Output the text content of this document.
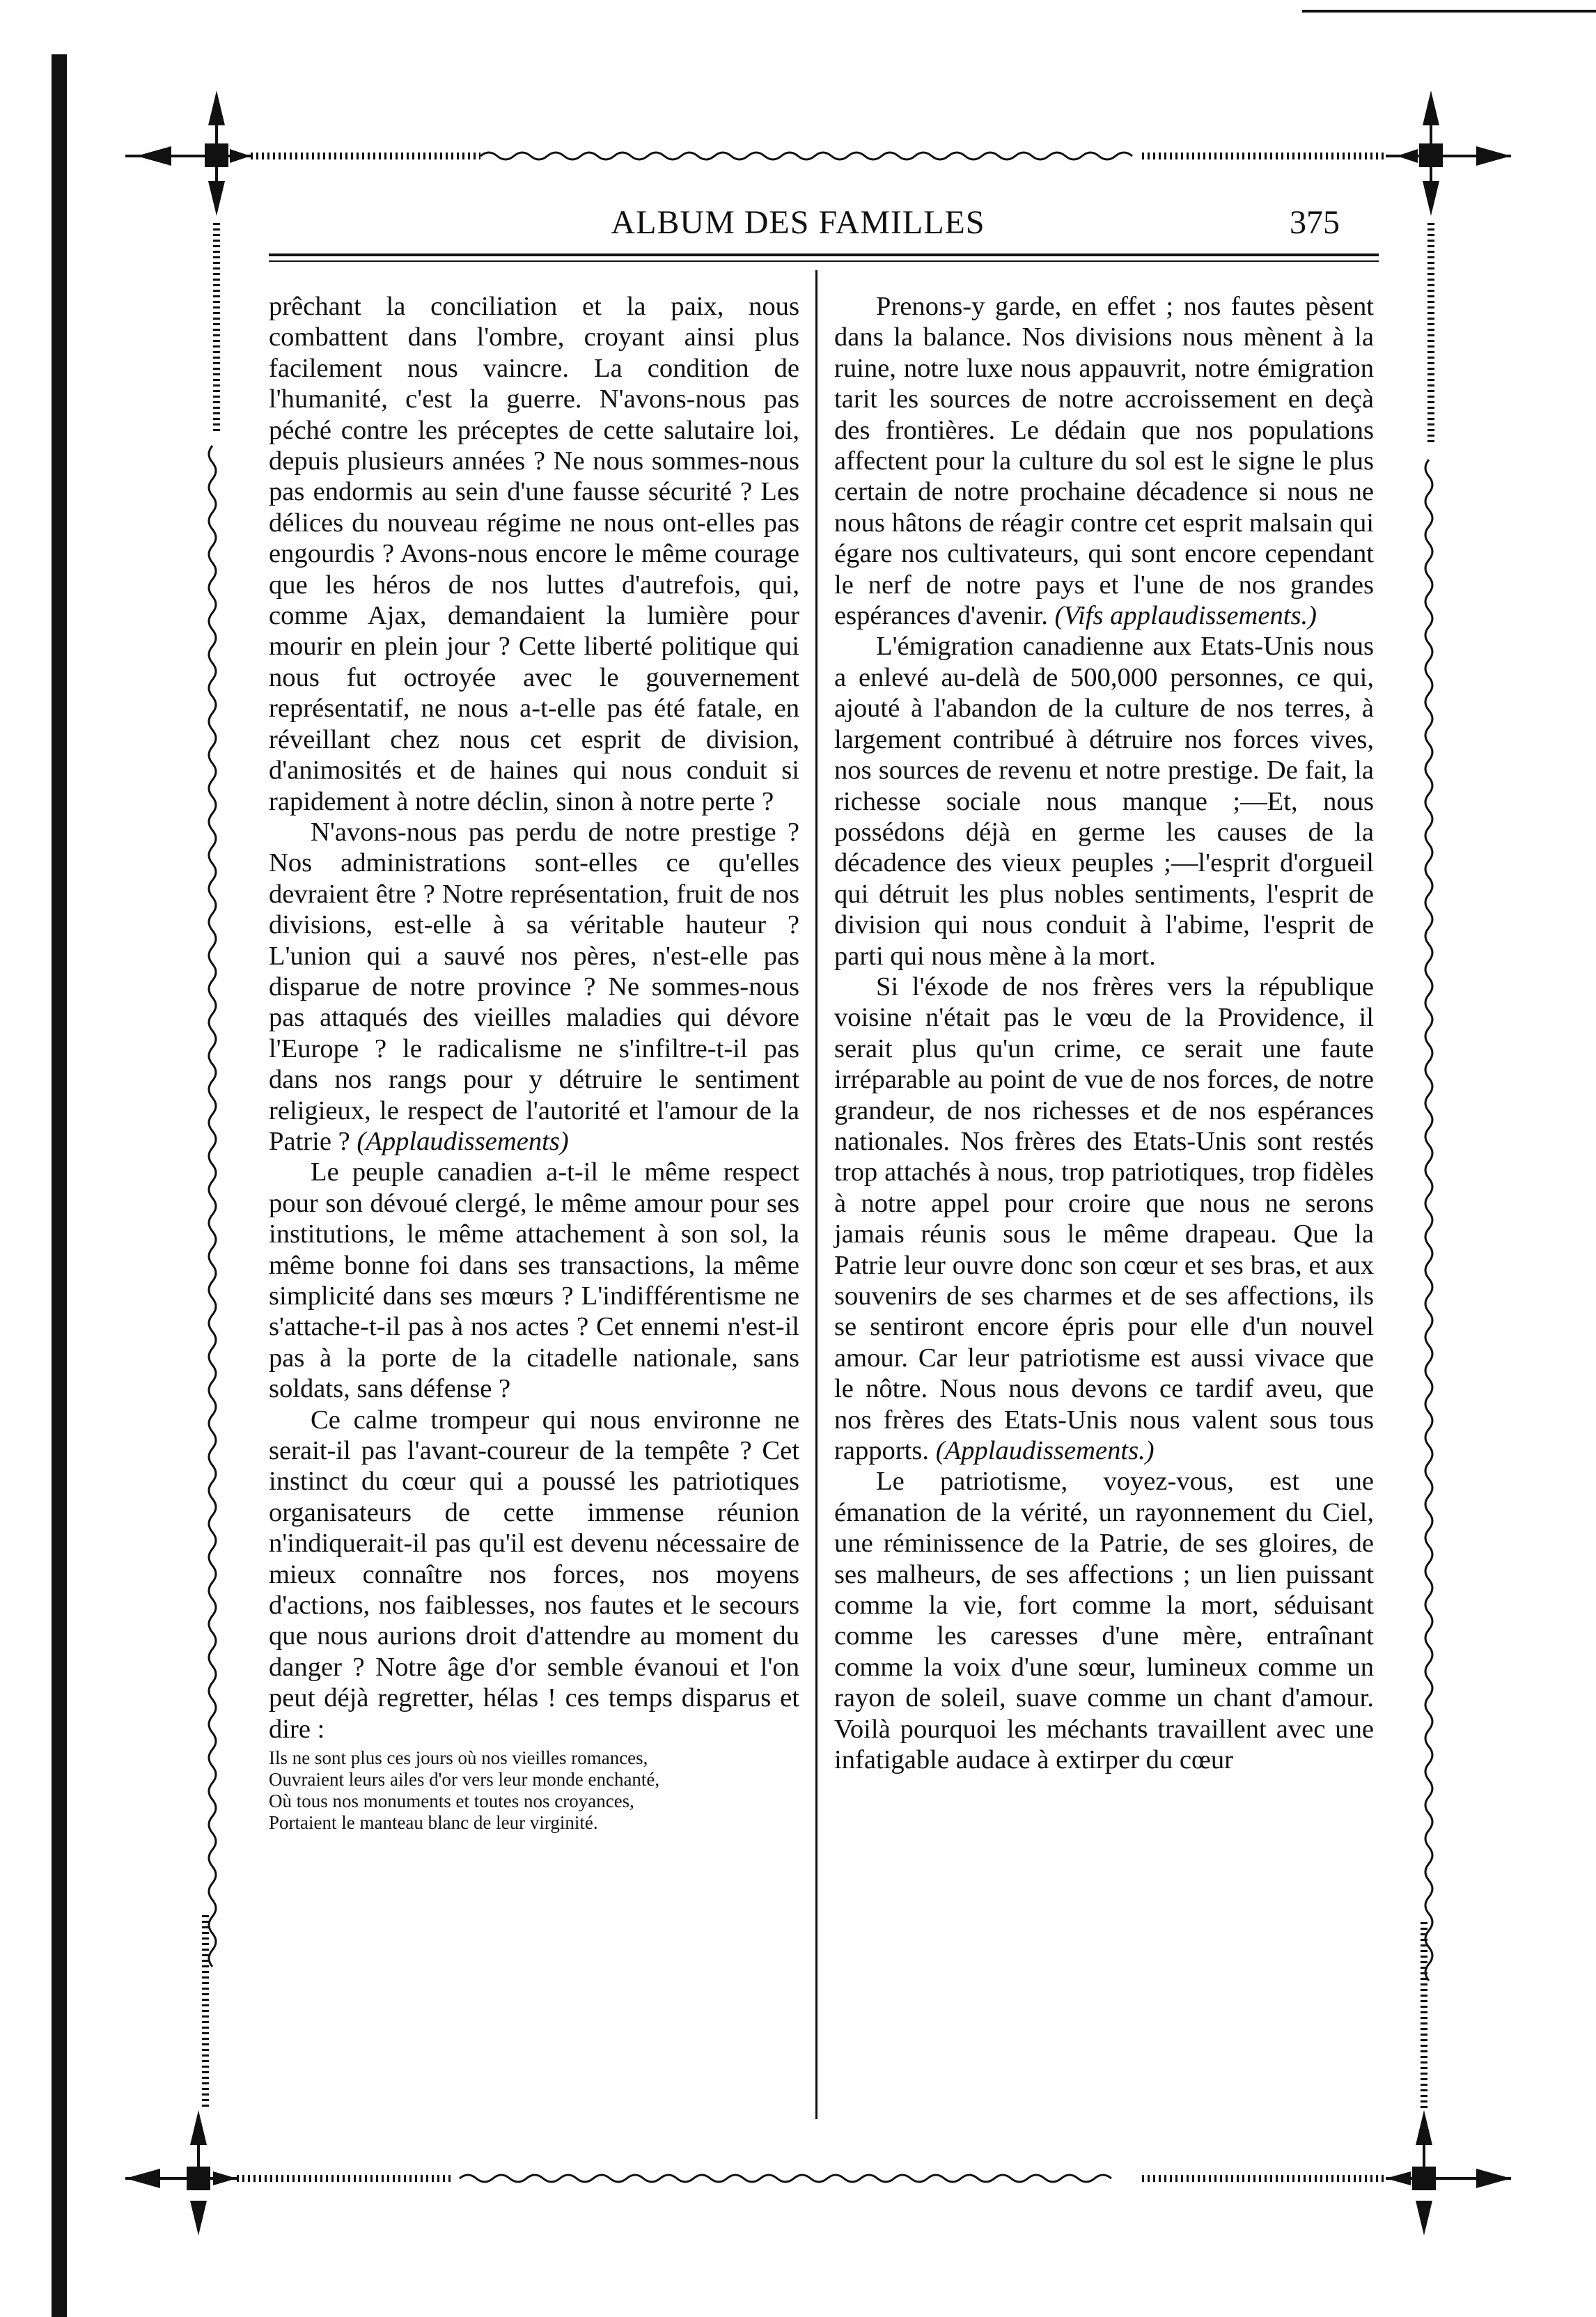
ALBUM DES FAMILLES	375

prêchant la conciliation et la paix, nous combattent dans l'ombre, croyant ainsi plus facilement nous vaincre. La condition de l'humanité, c'est la guerre. N'avons-nous pas péché contre les préceptes de cette salutaire loi, depuis plusieurs années ? Ne nous sommes-nous pas endormis au sein d'une fausse sécurité ? Les délices du nouveau régime ne nous ont-elles pas engourdis ? Avons-nous encore le même courage que les héros de nos luttes d'autrefois, qui, comme Ajax, demandaient la lumière pour mourir en plein jour ? Cette liberté politique qui nous fut octroyée avec le gouvernement représentatif, ne nous a-t-elle pas été fatale, en réveillant chez nous cet esprit de division, d'animosités et de haines qui nous conduit si rapidement à notre déclin, sinon à notre perte ?

N'avons-nous pas perdu de notre prestige ? Nos administrations sont-elles ce qu'elles devraient être ? Notre représentation, fruit de nos divisions, est-elle à sa véritable hauteur ? L'union qui a sauvé nos pères, n'est-elle pas disparue de notre province ? Ne sommes-nous pas attaqués des vieilles maladies qui dévore l'Europe ? le radicalisme ne s'infiltre-t-il pas dans nos rangs pour y détruire le sentiment religieux, le respect de l'autorité et l'amour de la Patrie ? (Applaudissements)

Le peuple canadien a-t-il le même respect pour son dévoué clergé, le même amour pour ses institutions, le même attachement à son sol, la même bonne foi dans ses transactions, la même simplicité dans ses mœurs ? L'indifférentisme ne s'attache-t-il pas à nos actes ? Cet ennemi n'est-il pas à la porte de la citadelle nationale, sans soldats, sans défense ?

Ce calme trompeur qui nous environne ne serait-il pas l'avant-coureur de la tempête ? Cet instinct du cœur qui a poussé les patriotiques organisateurs de cette immense réunion n'indiquerait-il pas qu'il est devenu nécessaire de mieux connaître nos forces, nos moyens d'actions, nos faiblesses, nos fautes et le secours que nous aurions droit d'attendre au moment du danger ? Notre âge d'or semble évanoui et l'on peut déjà regretter, hélas ! ces temps disparus et dire :

Ils ne sont plus ces jours où nos vieilles romances,
Ouvraient leurs ailes d'or vers leur monde enchanté,
Où tous nos monuments et toutes nos croyances,
Portaient le manteau blanc de leur virginité.

Prenons-y garde, en effet ; nos fautes pèsent dans la balance. Nos divisions nous mènent à la ruine, notre luxe nous appauvrit, notre émigration tarit les sources de notre accroissement en deçà des frontières. Le dédain que nos populations affectent pour la culture du sol est le signe le plus certain de notre prochaine décadence si nous ne nous hâtons de réagir contre cet esprit malsain qui égare nos cultivateurs, qui sont encore cependant le nerf de notre pays et l'une de nos grandes espérances d'avenir. (Vifs applaudissements.)

L'émigration canadienne aux Etats-Unis nous a enlevé au-delà de 500,000 personnes, ce qui, ajouté à l'abandon de la culture de nos terres, à largement contribué à détruire nos forces vives, nos sources de revenu et notre prestige. De fait, la richesse sociale nous manque ;—Et, nous possédons déjà en germe les causes de la décadence des vieux peuples ;—l'esprit d'orgueil qui détruit les plus nobles sentiments, l'esprit de division qui nous conduit à l'abime, l'esprit de parti qui nous mène à la mort.

Si l'éxode de nos frères vers la république voisine n'était pas le vœu de la Providence, il serait plus qu'un crime, ce serait une faute irréparable au point de vue de nos forces, de notre grandeur, de nos richesses et de nos espérances nationales. Nos frères des Etats-Unis sont restés trop attachés à nous, trop patriotiques, trop fidèles à notre appel pour croire que nous ne serons jamais réunis sous le même drapeau. Que la Patrie leur ouvre donc son cœur et ses bras, et aux souvenirs de ses charmes et de ses affections, ils se sentiront encore épris pour elle d'un nouvel amour. Car leur patriotisme est aussi vivace que le nôtre. Nous nous devons ce tardif aveu, que nos frères des Etats-Unis nous valent sous tous rapports. (Applaudissements.)

Le patriotisme, voyez-vous, est une émanation de la vérité, un rayonnement du Ciel, une réminissence de la Patrie, de ses gloires, de ses malheurs, de ses affections ; un lien puissant comme la vie, fort comme la mort, séduisant comme les caresses d'une mère, entraînant comme la voix d'une sœur, lumineux comme un rayon de soleil, suave comme un chant d'amour. Voilà pourquoi les méchants travaillent avec une infatigable audace à extirper du cœur
